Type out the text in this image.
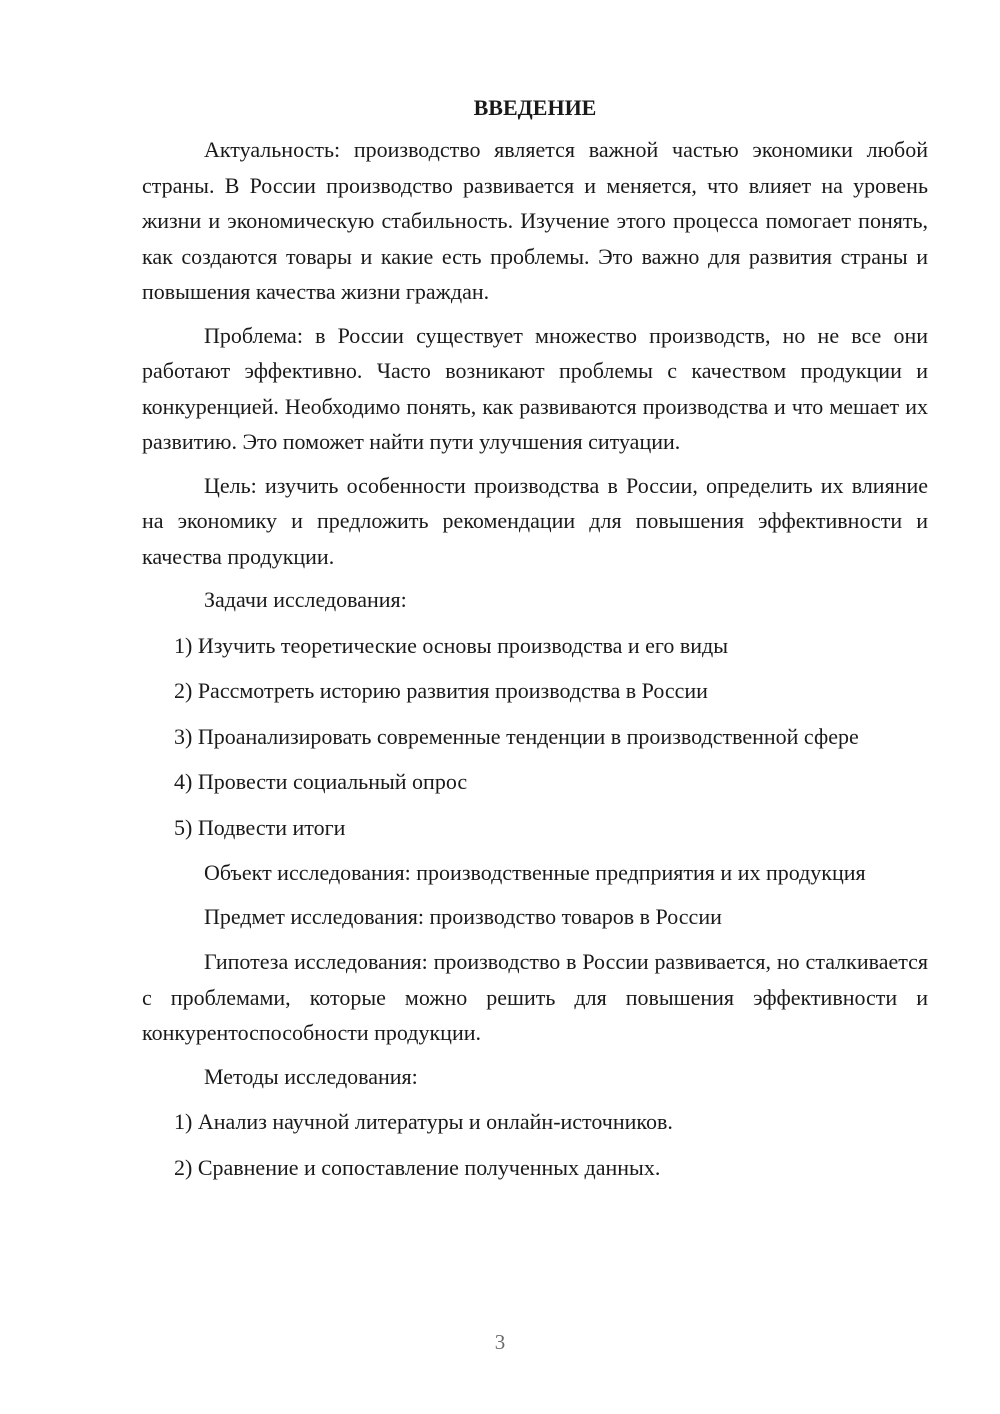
ВВЕДЕНИЕ

Актуальность: производство является важной частью экономики любой страны. В России производство развивается и меняется, что влияет на уровень жизни и экономическую стабильность. Изучение этого процесса помогает понять, как создаются товары и какие есть проблемы. Это важно для развития страны и повышения качества жизни граждан.

Проблема: в России существует множество производств, но не все они работают эффективно. Часто возникают проблемы с качеством продукции и конкуренцией. Необходимо понять, как развиваются производства и что мешает их развитию. Это поможет найти пути улучшения ситуации.

Цель: изучить особенности производства в России, определить их влияние на экономику и предложить рекомендации для повышения эффективности и качества продукции.

Задачи исследования:

1) Изучить теоретические основы производства и его виды

2) Рассмотреть историю развития производства в России

3) Проанализировать современные тенденции в производственной сфере

4) Провести социальный опрос

5) Подвести итоги

Объект исследования: производственные предприятия и их продукция

Предмет исследования: производство товаров в России

Гипотеза исследования: производство в России развивается, но сталкивается с проблемами, которые можно решить для повышения эффективности и конкурентоспособности продукции.

Методы исследования:

1) Анализ научной литературы и онлайн-источников.

2) Сравнение и сопоставление полученных данных.

3
